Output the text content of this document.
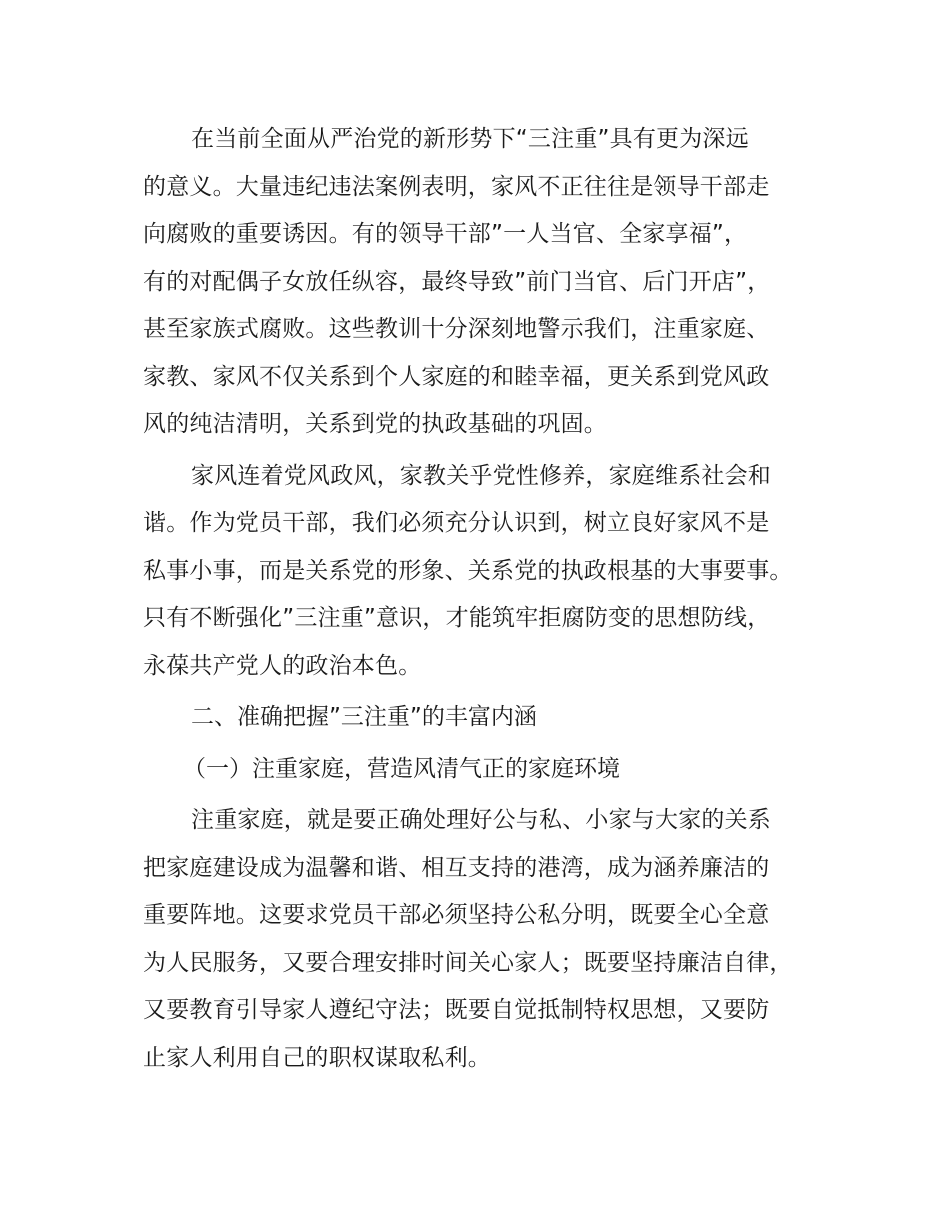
在当前全面从严治党的新形势下“三注重”具有更为深远
的意义。大量违纪违法案例表明，家风不正往往是领导干部走
向腐败的重要诱因。有的领导干部”一人当官、全家享福”，
有的对配偶子女放任纵容，最终导致”前门当官、后门开店”，
甚至家族式腐败。这些教训十分深刻地警示我们，注重家庭、
家教、家风不仅关系到个人家庭的和睦幸福，更关系到党风政
风的纯洁清明，关系到党的执政基础的巩固。

家风连着党风政风，家教关乎党性修养，家庭维系社会和
谐。作为党员干部，我们必须充分认识到，树立良好家风不是
私事小事，而是关系党的形象、关系党的执政根基的大事要事。
只有不断强化”三注重”意识，才能筑牢拒腐防变的思想防线，
永葆共产党人的政治本色。

二、准确把握”三注重”的丰富内涵

（一）注重家庭，营造风清气正的家庭环境

注重家庭，就是要正确处理好公与私、小家与大家的关系
把家庭建设成为温馨和谐、相互支持的港湾，成为涵养廉洁的
重要阵地。这要求党员干部必须坚持公私分明，既要全心全意
为人民服务，又要合理安排时间关心家人；既要坚持廉洁自律，
又要教育引导家人遵纪守法；既要自觉抵制特权思想，又要防
止家人利用自己的职权谋取私利。
